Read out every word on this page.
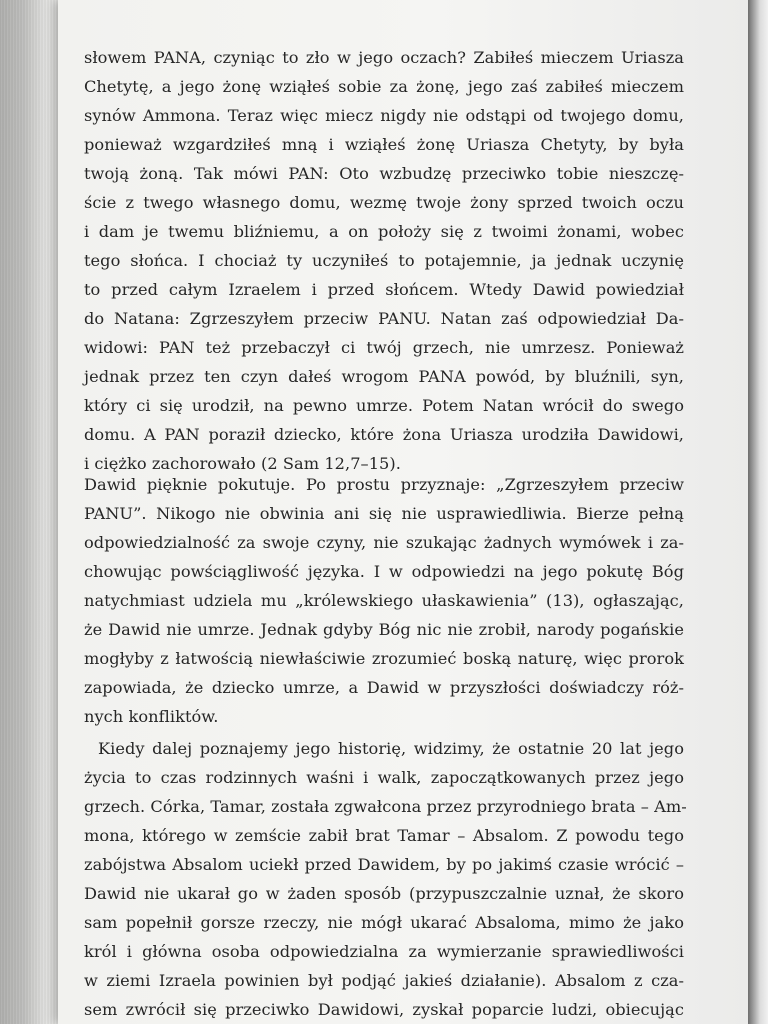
słowem PANA, czyniąc to zło w jego oczach? Zabiłeś mieczem Uriasza
Chetytę, a jego żonę wziąłeś sobie za żonę, jego zaś zabiłeś mieczem
synów Ammona. Teraz więc miecz nigdy nie odstąpi od twojego domu,
ponieważ wzgardziłeś mną i wziąłeś żonę Uriasza Chetyty, by była
twoją żoną. Tak mówi PAN: Oto wzbudzę przeciwko tobie nieszczę-
ście z twego własnego domu, wezmę twoje żony sprzed twoich oczu
i dam je twemu bliźniemu, a on położy się z twoimi żonami, wobec
tego słońca. I chociaż ty uczyniłeś to potajemnie, ja jednak uczynię
to przed całym Izraelem i przed słońcem. Wtedy Dawid powiedział
do Natana: Zgrzeszyłem przeciw PANU. Natan zaś odpowiedział Da-
widowi: PAN też przebaczył ci twój grzech, nie umrzesz. Ponieważ
jednak przez ten czyn dałeś wrogom PANA powód, by bluźnili, syn,
który ci się urodził, na pewno umrze. Potem Natan wrócił do swego
domu. A PAN poraził dziecko, które żona Uriasza urodziła Dawidowi,
i ciężko zachorowało (2 Sam 12,7–15).
Dawid pięknie pokutuje. Po prostu przyznaje: „Zgrzeszyłem przeciw
PANU”. Nikogo nie obwinia ani się nie usprawiedliwia. Bierze pełną
odpowiedzialność za swoje czyny, nie szukając żadnych wymówek i za-
chowując powściągliwość języka. I w odpowiedzi na jego pokutę Bóg
natychmiast udziela mu „królewskiego ułaskawienia” (13), ogłaszając,
że Dawid nie umrze. Jednak gdyby Bóg nic nie zrobił, narody pogańskie
mogłyby z łatwością niewłaściwie zrozumieć boską naturę, więc prorok
zapowiada, że dziecko umrze, a Dawid w przyszłości doświadczy róż-
nych konfliktów.
Kiedy dalej poznajemy jego historię, widzimy, że ostatnie 20 lat jego
życia to czas rodzinnych waśni i walk, zapoczątkowanych przez jego
grzech. Córka, Tamar, została zgwałcona przez przyrodniego brata – Am-
mona, którego w zemście zabił brat Tamar – Absalom. Z powodu tego
zabójstwa Absalom uciekł przed Dawidem, by po jakimś czasie wrócić –
Dawid nie ukarał go w żaden sposób (przypuszczalnie uznał, że skoro
sam popełnił gorsze rzeczy, nie mógł ukarać Absaloma, mimo że jako
król i główna osoba odpowiedzialna za wymierzanie sprawiedliwości
w ziemi Izraela powinien był podjąć jakieś działanie). Absalom z cza-
sem zwrócił się przeciwko Dawidowi, zyskał poparcie ludzi, obiecując
